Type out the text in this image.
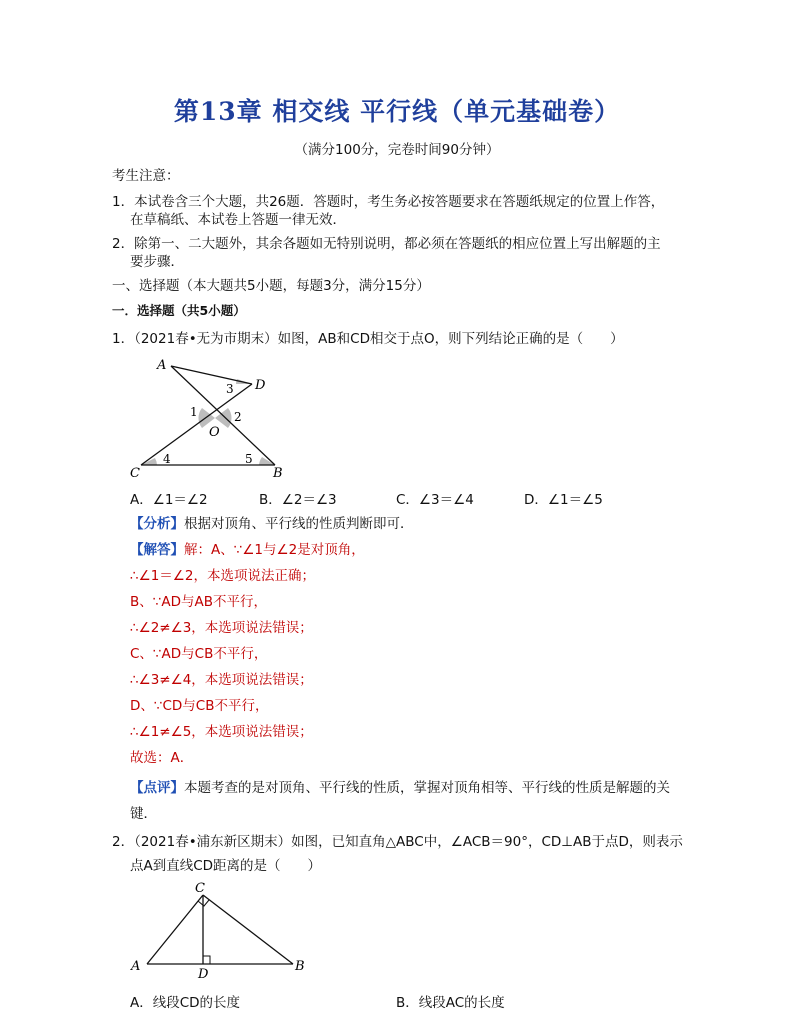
第13章 相交线 平行线（单元基础卷）
（满分100分，完卷时间90分钟）
考生注意：
1．本试卷含三个大题，共26题．答题时，考生务必按答题要求在答题纸规定的位置上作答，
在草稿纸、本试卷上答题一律无效．
2．除第一、二大题外，其余各题如无特别说明，都必须在答题纸的相应位置上写出解题的主
要步骤．
一、选择题（本大题共5小题，每题3分，满分15分）
一．选择题（共5小题）
1．（2021春•无为市期末）如图，AB和CD相交于点O，则下列结论正确的是（　　）
A
D
C	B
O
1	2
3
4	5
A．∠1＝∠2	B．∠2＝∠3	C．∠3＝∠4	D．∠1＝∠5
【分析】根据对顶角、平行线的性质判断即可．
【解答】解：A、∵∠1与∠2是对顶角，
∴∠1＝∠2，本选项说法正确；
B、∵AD与AB不平行，
∴∠2≠∠3，本选项说法错误；
C、∵AD与CB不平行，
∴∠3≠∠4，本选项说法错误；
D、∵CD与CB不平行，
∴∠1≠∠5，本选项说法错误；
故选：A．
【点评】本题考查的是对顶角、平行线的性质，掌握对顶角相等、平行线的性质是解题的关
键．
2．（2021春•浦东新区期末）如图，已知直角△ABC中，∠ACB＝90°，CD⊥AB于点D，则表示
点A到直线CD距离的是（　　）
C
A	B
D
A．线段CD的长度	B．线段AC的长度
